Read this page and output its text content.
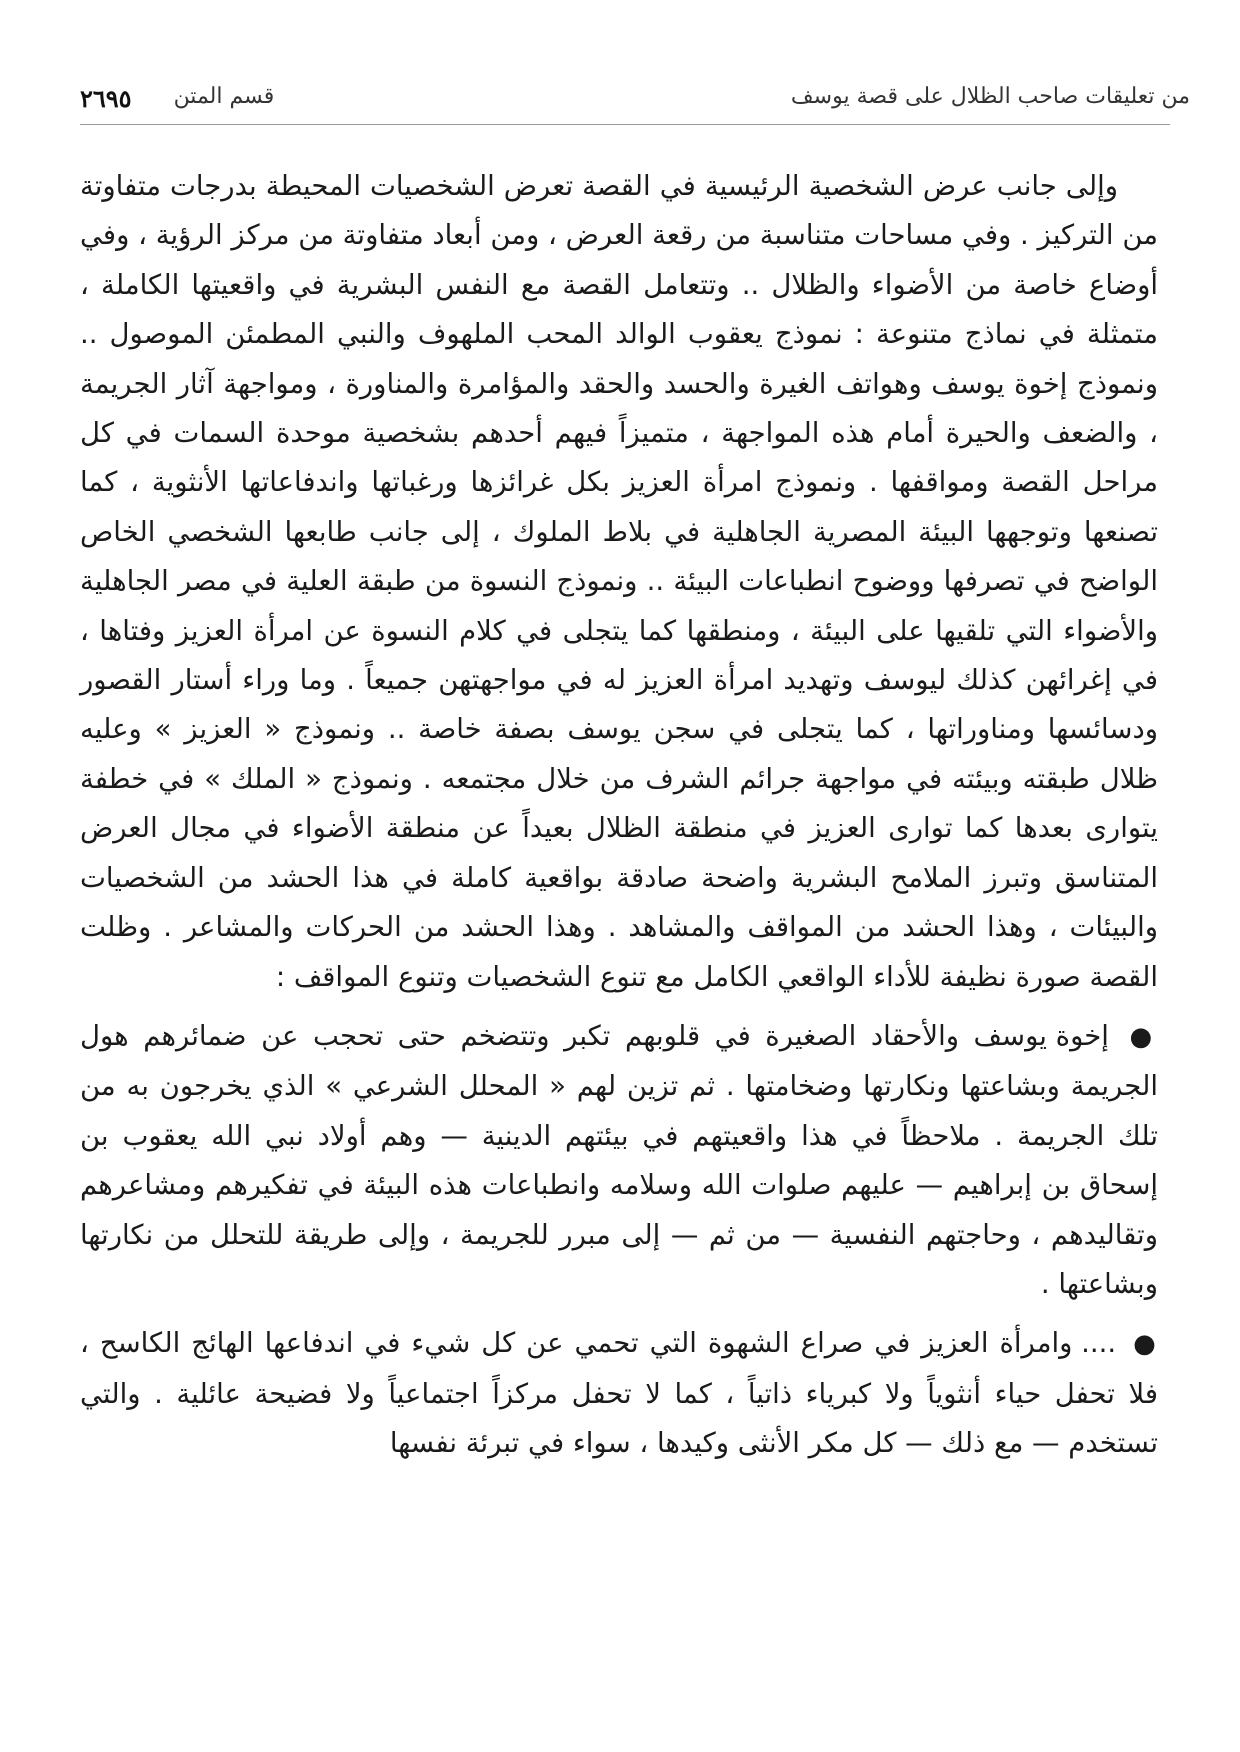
من تعليقات صاحب الظلال على قصة يوسف
٢٦٩٥ قسم المتن

وإلى جانب عرض الشخصية الرئيسية في القصة تعرض الشخصيات المحيطة بدرجات متفاوتة من التركيز . وفي مساحات متناسبة من رقعة العرض ، ومن أبعاد متفاوتة من مركز الرؤية ، وفي أوضاع خاصة من الأضواء والظلال .. وتتعامل القصة مع النفس البشرية في واقعيتها الكاملة ، متمثلة في نماذج متنوعة : نموذج يعقوب الوالد المحب الملهوف والنبي المطمئن الموصول .. ونموذج إخوة يوسف وهواتف الغيرة والحسد والحقد والمؤامرة والمناورة ، ومواجهة آثار الجريمة ، والضعف والحيرة أمام هذه المواجهة ، متميزاً فيهم أحدهم بشخصية موحدة السمات في كل مراحل القصة ومواقفها . ونموذج امرأة العزيز بكل غرائزها ورغباتها واندفاعاتها الأنثوية ، كما تصنعها وتوجهها البيئة المصرية الجاهلية في بلاط الملوك ، إلى جانب طابعها الشخصي الخاص الواضح في تصرفها ووضوح انطباعات البيئة .. ونموذج النسوة من طبقة العلية في مصر الجاهلية والأضواء التي تلقيها على البيئة ، ومنطقها كما يتجلى في كلام النسوة عن امرأة العزيز وفتاها ، في إغرائهن كذلك ليوسف وتهديد امرأة العزيز له في مواجهتهن جميعاً . وما وراء أستار القصور ودسائسها ومناوراتها ، كما يتجلى في سجن يوسف بصفة خاصة .. ونموذج « العزيز » وعليه ظلال طبقته وبيئته في مواجهة جرائم الشرف من خلال مجتمعه . ونموذج « الملك » في خطفة يتوارى بعدها كما توارى العزيز في منطقة الظلال بعيداً عن منطقة الأضواء في مجال العرض المتناسق وتبرز الملامح البشرية واضحة صادقة بواقعية كاملة في هذا الحشد من الشخصيات والبيئات ، وهذا الحشد من المواقف والمشاهد . وهذا الحشد من الحركات والمشاعر . وظلت القصة صورة نظيفة للأداء الواقعي الكامل مع تنوع الشخصيات وتنوع المواقف :

● إخوة يوسف والأحقاد الصغيرة في قلوبهم تكبر وتتضخم حتى تحجب عن ضمائرهم هول الجريمة وبشاعتها ونكارتها وضخامتها . ثم تزين لهم « المحلل الشرعي » الذي يخرجون به من تلك الجريمة . ملاحظاً في هذا واقعيتهم في بيئتهم الدينية — وهم أولاد نبي الله يعقوب بن إسحاق بن إبراهيم — عليهم صلوات الله وسلامه وانطباعات هذه البيئة في تفكيرهم ومشاعرهم وتقاليدهم ، وحاجتهم النفسية — من ثم — إلى مبرر للجريمة ، وإلى طريقة للتحلل من نكارتها وبشاعتها .

● .... وامرأة العزيز في صراع الشهوة التي تحمي عن كل شيء في اندفاعها الهائج الكاسح ، فلا تحفل حياء أنثوياً ولا كبرياء ذاتياً ، كما لا تحفل مركزاً اجتماعياً ولا فضيحة عائلية . والتي تستخدم — مع ذلك — كل مكر الأنثى وكيدها ، سواء في تبرئة نفسها
